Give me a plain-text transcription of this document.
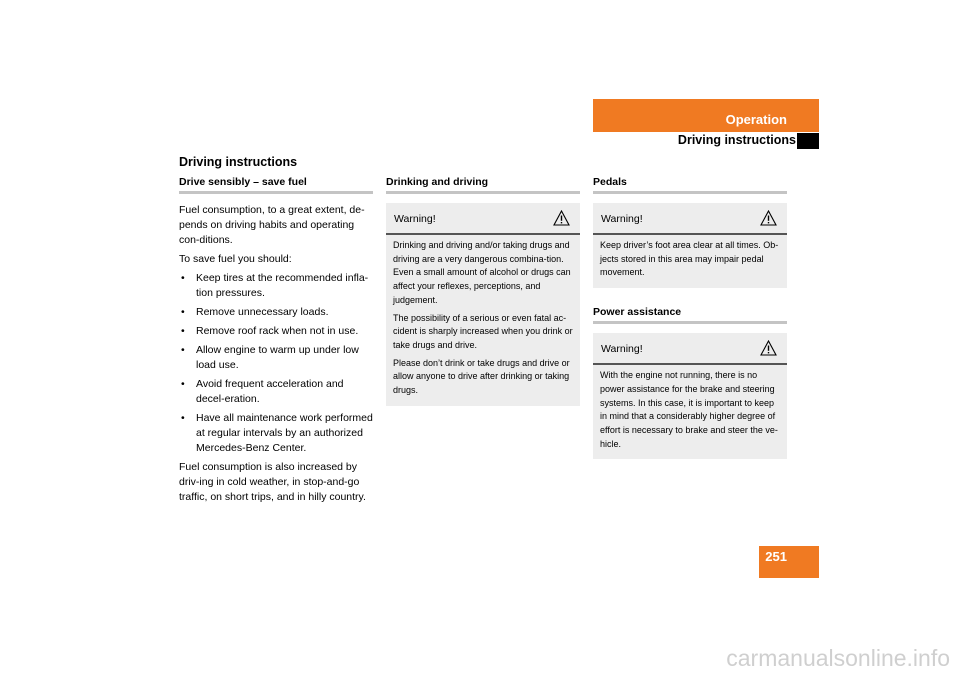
Operation
Driving instructions
Driving instructions
Drive sensibly – save fuel

Fuel consumption, to a great extent, de-pends on driving habits and operating con-ditions.

To save fuel you should:

• Keep tires at the recommended infla-tion pressures.
• Remove unnecessary loads.
• Remove roof rack when not in use.
• Allow engine to warm up under low load use.
• Avoid frequent acceleration and decel-eration.
• Have all maintenance work performed at regular intervals by an authorized Mercedes-Benz Center.

Fuel consumption is also increased by driv-ing in cold weather, in stop-and-go traffic, on short trips, and in hilly country.

Drinking and driving
Warning!

Drinking and driving and/or taking drugs and driving are a very dangerous combina-tion. Even a small amount of alcohol or drugs can affect your reflexes, perceptions, and judgement.

The possibility of a serious or even fatal ac-cident is sharply increased when you drink or take drugs and drive.

Please don’t drink or take drugs and drive or allow anyone to drive after drinking or taking drugs.

Pedals
Warning!

Keep driver’s foot area clear at all times. Ob-jects stored in this area may impair pedal movement.

Power assistance
Warning!

With the engine not running, there is no power assistance for the brake and steering systems. In this case, it is important to keep in mind that a considerably higher degree of effort is necessary to brake and steer the ve-hicle.

251
carmanualsonline.info
